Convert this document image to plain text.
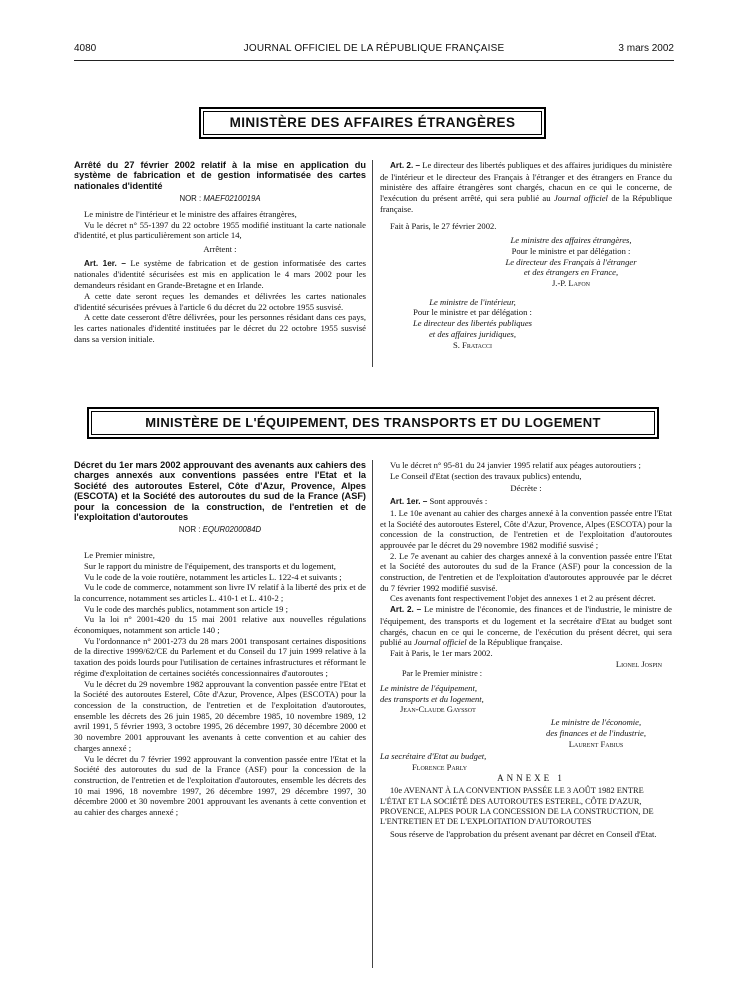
4080	JOURNAL OFFICIEL DE LA RÉPUBLIQUE FRANÇAISE	3 mars 2002
MINISTÈRE DES AFFAIRES ÉTRANGÈRES
Arrêté du 27 février 2002 relatif à la mise en application du système de fabrication et de gestion informatisée des cartes nationales d'identité
NOR : MAEF0210019A

Le ministre de l'intérieur et le ministre des affaires étrangères,

Vu le décret n° 55-1397 du 22 octobre 1955 modifié instituant la carte nationale d'identité, et plus particulièrement son article 14,

Arrêtent :

Art. 1er. – Le système de fabrication et de gestion informatisée des cartes nationales d'identité sécurisées est mis en application le 4 mars 2002 pour les demandeurs résidant en Grande-Bretagne et en Irlande.

A cette date seront reçues les demandes et délivrées les cartes nationales d'identité sécurisées prévues à l'article 6 du décret du 22 octobre 1955 susvisé.

A cette date cesseront d'être délivrées, pour les personnes résidant dans ces pays, les cartes nationales d'identité instituées par le décret du 22 octobre 1955 susvisé dans sa version initiale.

Art. 2. – Le directeur des libertés publiques et des affaires juridiques du ministère de l'intérieur et le directeur des Français à l'étranger et des étrangers en France du ministère des affaire étrangères sont chargés, chacun en ce qui le concerne, de l'exécution du présent arrêté, qui sera publié au Journal officiel de la République française.

Fait à Paris, le 27 février 2002.

Le ministre des affaires étrangères,
Pour le ministre et par délégation :
Le directeur des Français à l'étranger
et des étrangers en France,
J.-P. Lafon
Le ministre de l'intérieur,
Pour le ministre et par délégation :
Le directeur des libertés publiques
et des affaires juridiques,
S. Fratacci
MINISTÈRE DE L'ÉQUIPEMENT, DES TRANSPORTS ET DU LOGEMENT
Décret du 1er mars 2002 approuvant des avenants aux cahiers des charges annexés aux conventions passées entre l'Etat et la Société des autoroutes Esterel, Côte d'Azur, Provence, Alpes (ESCOTA) et la Société des autoroutes du sud de la France (ASF) pour la concession de la construction, de l'entretien et de l'exploitation d'autoroutes
NOR : EQUR0200084D

Le Premier ministre,

Sur le rapport du ministre de l'équipement, des transports et du logement,

Vu le code de la voie routière, notamment les articles L. 122-4 et suivants ;

Vu le code de commerce, notamment son livre IV relatif à la liberté des prix et de la concurrence, notamment ses articles L. 410-1 et L. 410-2 ;

Vu le code des marchés publics, notamment son article 19 ;

Vu la loi n° 2001-420 du 15 mai 2001 relative aux nouvelles régulations économiques, notamment son article 140 ;

Vu l'ordonnance n° 2001-273 du 28 mars 2001 transposant certaines dispositions de la directive 1999/62/CE du Parlement et du Conseil du 17 juin 1999 relative à la taxation des poids lourds pour l'utilisation de certaines infrastructures et réformant le régime d'exploitation de certaines sociétés concessionnaires d'autoroutes ;

Vu le décret du 29 novembre 1982 approuvant la convention passée entre l'Etat et la Société des autoroutes Esterel, Côte d'Azur, Provence, Alpes (ESCOTA) pour la concession de la construction, de l'entretien et de l'exploitation d'autoroutes, ensemble les décrets des 26 juin 1985, 20 décembre 1985, 10 novembre 1989, 12 avril 1991, 5 février 1993, 3 octobre 1995, 26 décembre 1997, 30 décembre 2000 et 30 novembre 2001 approuvant les avenants à cette convention et au cahier des charges annexé ;

Vu le décret du 7 février 1992 approuvant la convention passée entre l'Etat et la Société des autoroutes du sud de la France (ASF) pour la concession de la construction, de l'entretien et de l'exploitation d'autoroutes, ensemble les décrets des 10 mai 1996, 18 novembre 1997, 26 décembre 1997, 29 décembre 1997, 30 décembre 2000 et 30 novembre 2001 approuvant les avenants à cette convention et au cahier des charges annexé ;

Vu le décret n° 95-81 du 24 janvier 1995 relatif aux péages autoroutiers ;

Le Conseil d'Etat (section des travaux publics) entendu,

Décrète :

Art. 1er. – Sont approuvés :

1. Le 10e avenant au cahier des charges annexé à la convention passée entre l'Etat et la Société des autoroutes Esterel, Côte d'Azur, Provence, Alpes (ESCOTA) pour la concession de la construction, de l'entretien et de l'exploitation d'autoroutes approuvée par le décret du 29 novembre 1982 modifié susvisé ;

2. Le 7e avenant au cahier des charges annexé à la convention passée entre l'Etat et la Société des autoroutes du sud de la France (ASF) pour la concession de la construction, de l'entretien et de l'exploitation d'autoroutes approuvée par le décret du 7 février 1992 modifié susvisé.

Ces avenants font respectivement l'objet des annexes 1 et 2 au présent décret.

Art. 2. – Le ministre de l'économie, des finances et de l'industrie, le ministre de l'équipement, des transports et du logement et la secrétaire d'Etat au budget sont chargés, chacun en ce qui le concerne, de l'exécution du présent décret, qui sera publié au Journal officiel de la République française.

Fait à Paris, le 1er mars 2002.

Lionel Jospin

Par le Premier ministre :
Le ministre de l'équipement,
des transports et du logement,
Jean-Claude Gayssot
Le ministre de l'économie,
des finances et de l'industrie,
Laurent Fabius
La secrétaire d'Etat au budget,
Florence Parly

ANNEXE 1

10e AVENANT À LA CONVENTION PASSÉE LE 3 AOÛT 1982 ENTRE L'ÉTAT ET LA SOCIÉTÉ DES AUTOROUTES ESTEREL, CÔTE D'AZUR, PROVENCE, ALPES POUR LA CONCESSION DE LA CONSTRUCTION, DE L'ENTRETIEN ET DE L'EXPLOITATION D'AUTOROUTES

Sous réserve de l'approbation du présent avenant par décret en Conseil d'Etat.
